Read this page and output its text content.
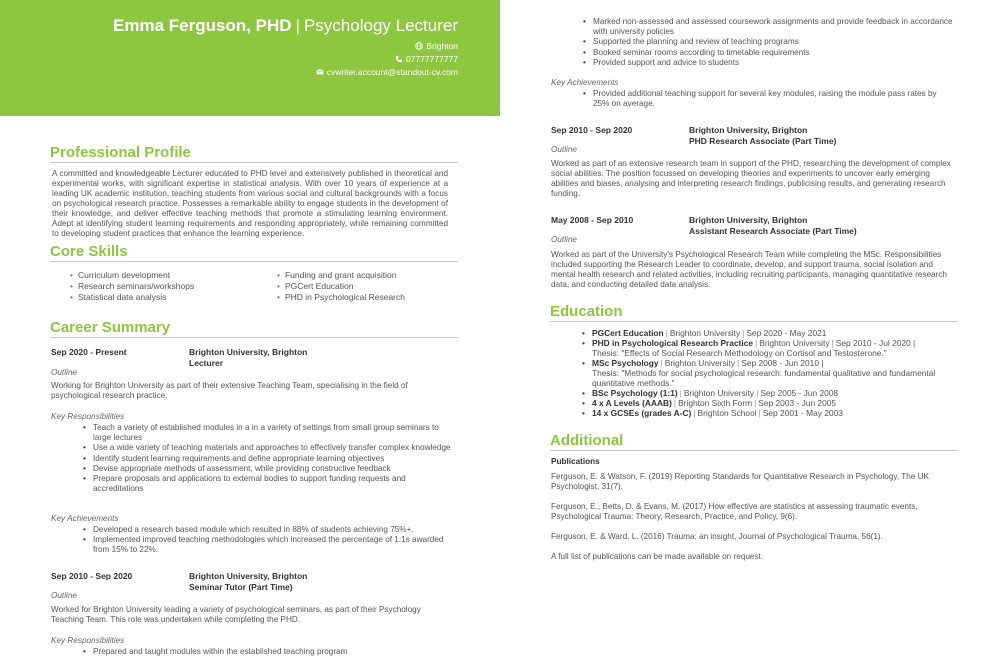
Emma Ferguson, PHD | Psychology Lecturer
Brighton
07777777777
cvwriter.account@standout-cv.com
Professional Profile
A committed and knowledgeable Lecturer educated to PHD level and extensively published in theoretical and experimental works, with significant expertise in statistical analysis. With over 10 years of experience at a leading UK academic institution, teaching students from various social and cultural backgrounds with a focus on psychological research practice. Possesses a remarkable ability to engage students in the development of their knowledge, and deliver effective teaching methods that promote a stimulating learning environment. Adept at identifying student learning requirements and responding appropriately, while remaining committed to developing student practices that enhance the learning experience.
Core Skills
• Curriculum development	• Funding and grant acquisition
• Research seminars/workshops	• PGCert Education
• Statistical data analysis	• PHD in Psychological Research
Career Summary
Sep 2020 - Present	Brighton University, Brighton
Lecturer
Outline
Working for Brighton University as part of their extensive Teaching Team, specialising in the field of psychological research practice.
Key Responsibilities
• Teach a variety of established modules in a in a variety of settings from small group seminars to large lectures
• Use a wide variety of teaching materials and approaches to effectively transfer complex knowledge
• Identify student learning requirements and define appropriate learning objectives
• Devise appropriate methods of assessment, while providing constructive feedback
• Prepare proposals and applications to external bodies to support funding requests and accreditations
Key Achievements
• Developed a research based module which resulted in 88% of students achieving 75%+.
• Implemented improved teaching methodologies which increased the percentage of 1:1s awarded from 15% to 22%.
Sep 2010 - Sep 2020	Brighton University, Brighton
Seminar Tutor (Part Time)
Outline
Worked for Brighton University leading a variety of psychological seminars, as part of their Psychology Teaching Team. This role was undertaken while completing the PHD.
Key Responsibilities
• Prepared and taught modules within the established teaching program
• Marked non-assessed and assessed coursework assignments and provide feedback in accordance with university policies
• Supported the planning and review of teaching programs
• Booked seminar rooms according to timetable requirements
• Provided support and advice to students
Key Achievements
• Provided additional teaching support for several key modules, raising the module pass rates by 25% on average.
Sep 2010 - Sep 2020	Brighton University, Brighton
PHD Research Associate (Part Time)
Outline
Worked as part of an extensive research team in support of the PHD, researching the development of complex social abilities. The position focussed on developing theories and experiments to uncover early emerging abilities and biases, analysing and interpreting research findings, publicising results, and generating research funding.
May 2008 - Sep 2010	Brighton University, Brighton
Assistant Research Associate (Part Time)
Outline
Worked as part of the University's Psychological Research Team while completing the MSc. Responsibilities included supporting the Research Leader to coordinate, develop, and support trauma, social isolation and mental health research and related activities, including recruiting participants, managing quantitative research data, and conducting detailed data analysis.
Education
• PGCert Education | Brighton University | Sep 2020 - May 2021
• PHD in Psychological Research Practice | Brighton University | Sep 2010 - Jul 2020 |
Thesis: "Effects of Social Research Methodology on Cortisol and Testosterone."
• MSc Psychology | Brighton University | Sep 2008 - Jun 2010 |
Thesis: "Methods for social psychological research: fundamental qualitative and fundamental quantitative methods."
• BSc Psychology (1:1) | Brighton University | Sep 2005 - Jun 2008
• 4 x A Levels (AAAB) | Brighton Sixth Form | Sep 2003 - Jun 2005
• 14 x GCSEs (grades A-C) | Brighton School | Sep 2001 - May 2003
Additional
Publications
Ferguson, E. & Watson, F. (2019) Reporting Standards for Quantitative Research in Psychology, The UK Psychologist, 31(7).
Ferguson, E., Betts, D. & Evans, M. (2017) How effective are statistics at assessing traumatic events, Psychological Trauma: Theory, Research, Practice, and Policy, 9(6).
Ferguson, E. & Ward, L. (2016) Trauma: an insight, Journal of Psychological Trauma, 56(1).
A full list of publications can be made available on request.
